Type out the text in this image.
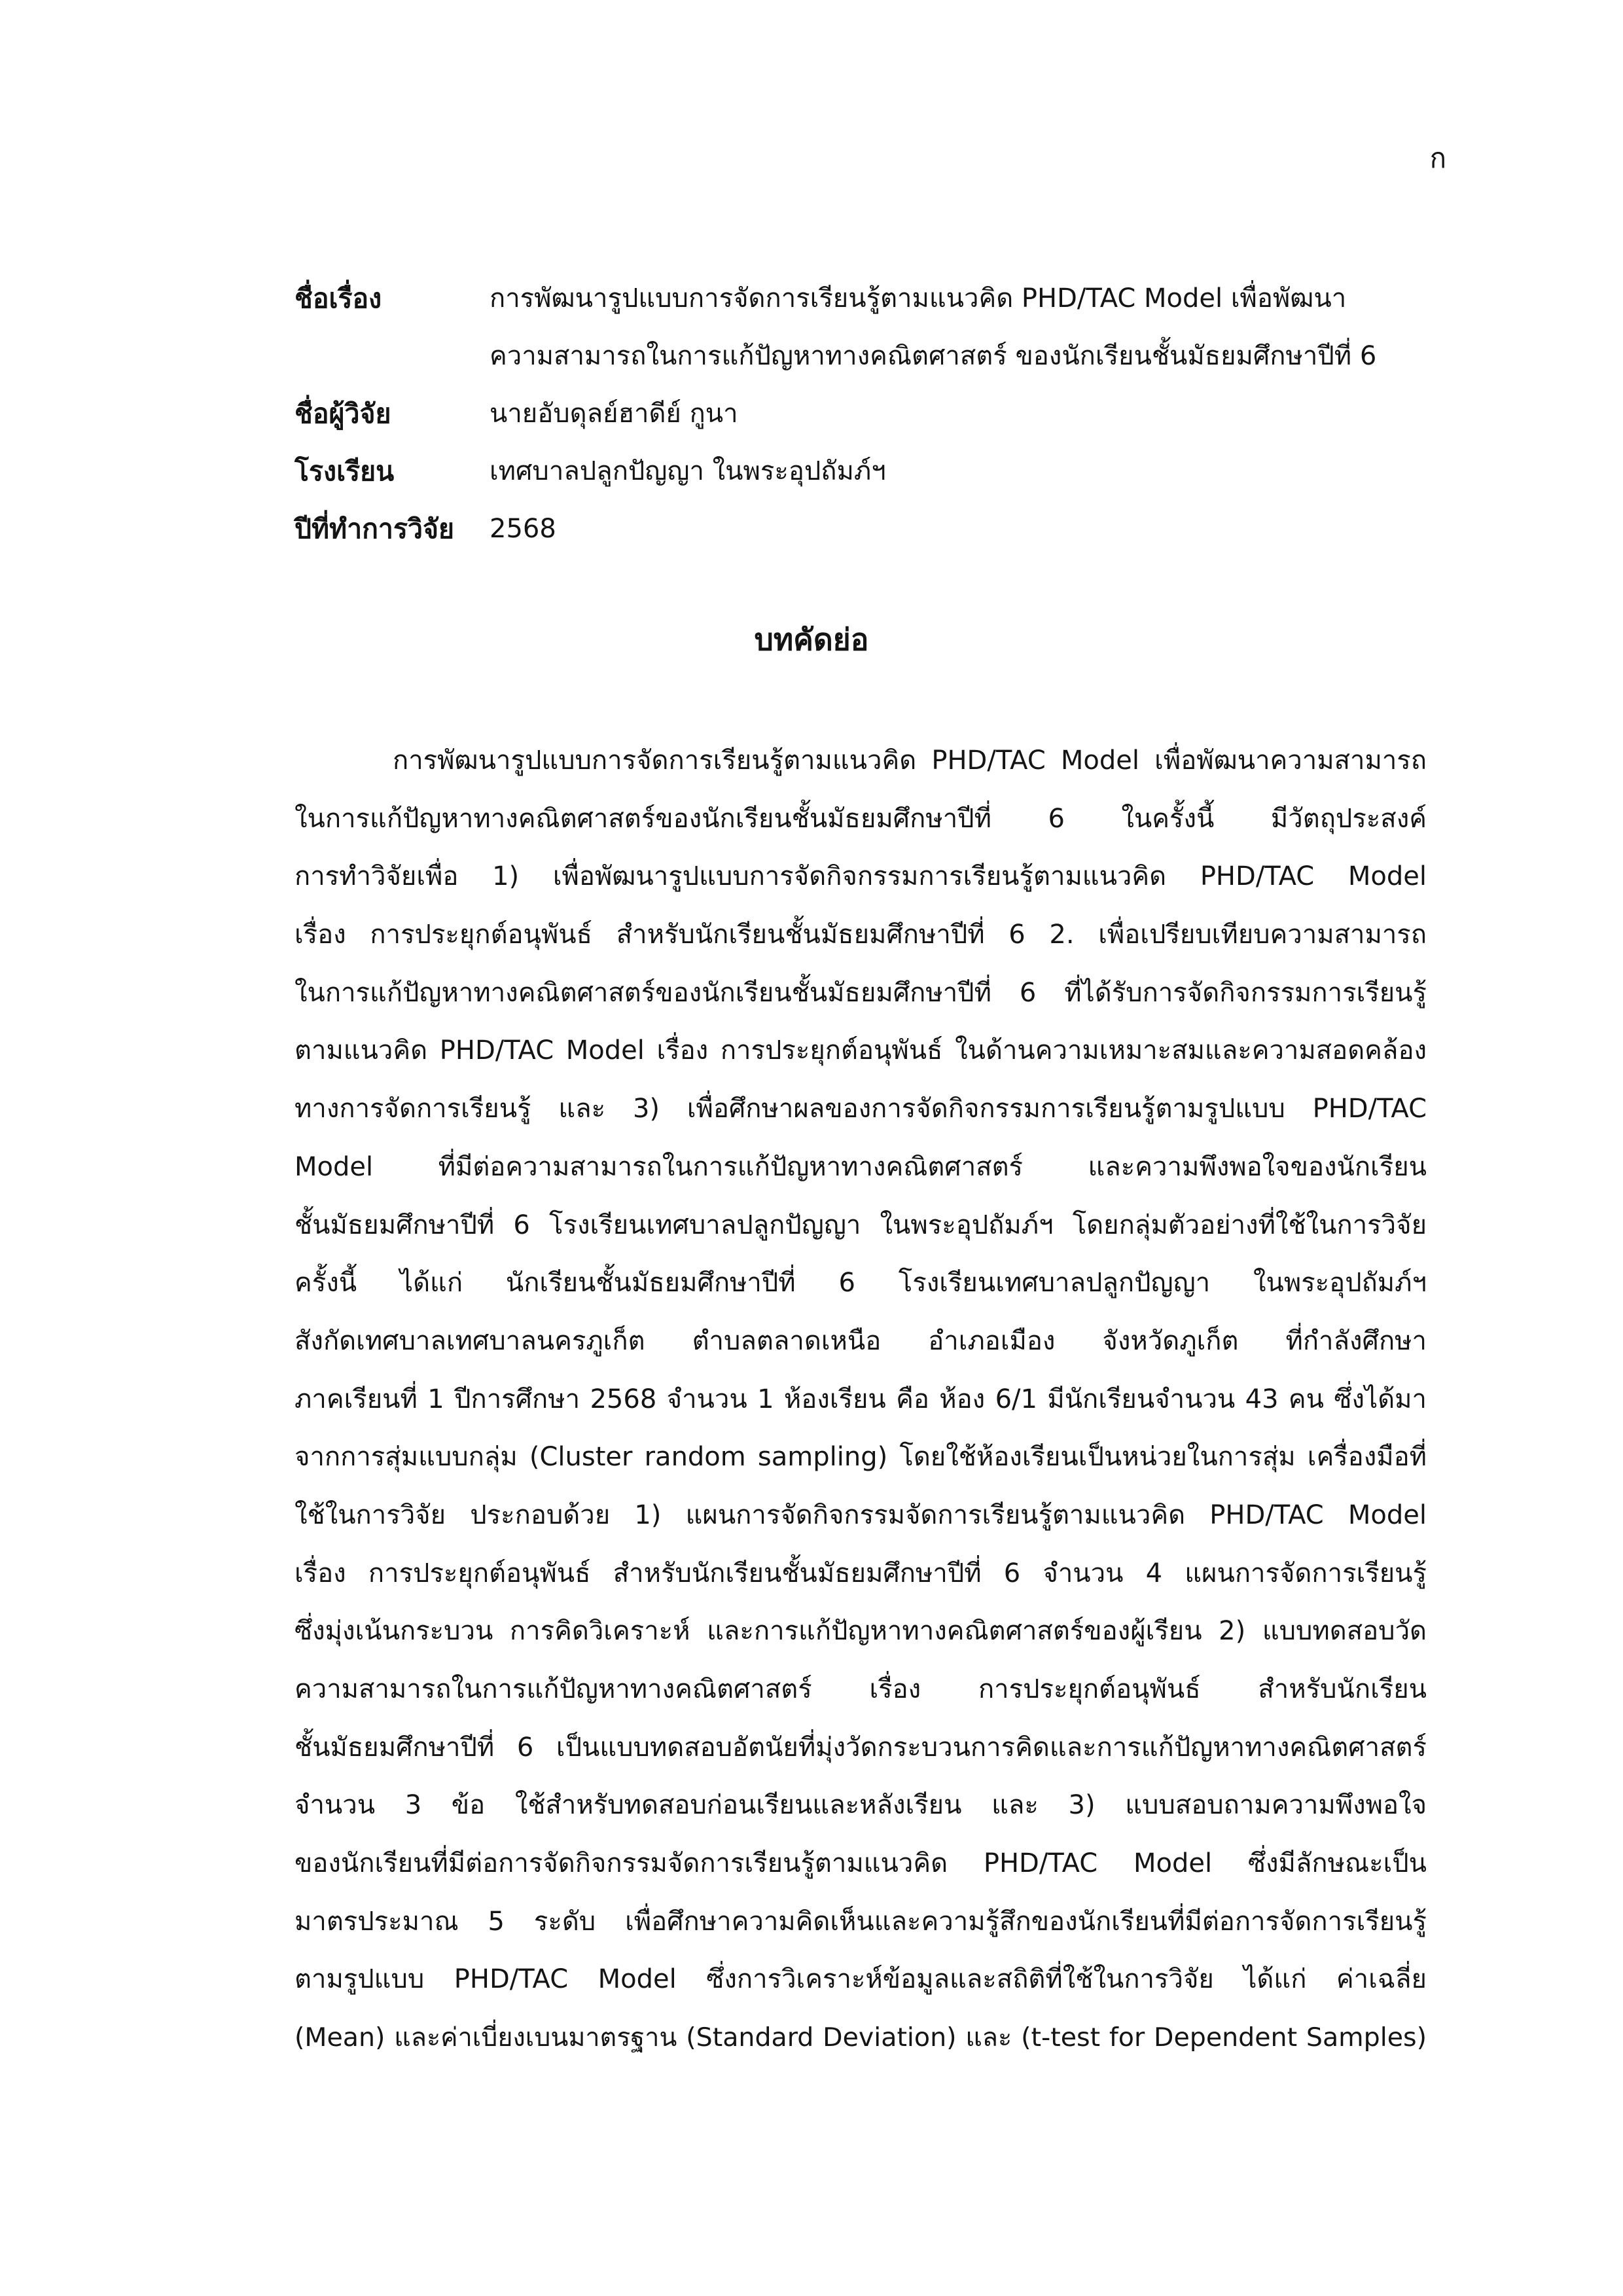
ก
ชื่อเรื่อง	การพัฒนารูปแบบการจัดการเรียนรู้ตามแนวคิด PHD/TAC Model เพื่อพัฒนา
ความสามารถในการแก้ปัญหาทางคณิตศาสตร์ ของนักเรียนชั้นมัธยมศึกษาปีที่ 6
ชื่อผู้วิจัย	นายอับดุลย์ฮาดีย์ กูนา
โรงเรียน	เทศบาลปลูกปัญญา ในพระอุปถัมภ์ฯ
ปีที่ทำการวิจัย	2568
บทคัดย่อ
การพัฒนารูปแบบการจัดการเรียนรู้ตามแนวคิด PHD/TAC Model เพื่อพัฒนาความสามารถ
ในการแก้ปัญหาทางคณิตศาสตร์ของนักเรียนชั้นมัธยมศึกษาปีที่ 6 ในครั้งนี้ มีวัตถุประสงค์
การทำวิจัยเพื่อ 1) เพื่อพัฒนารูปแบบการจัดกิจกรรมการเรียนรู้ตามแนวคิด PHD/TAC Model
เรื่อง การประยุกต์อนุพันธ์ สำหรับนักเรียนชั้นมัธยมศึกษาปีที่ 6 2. เพื่อเปรียบเทียบความสามารถ
ในการแก้ปัญหาทางคณิตศาสตร์ของนักเรียนชั้นมัธยมศึกษาปีที่ 6 ที่ได้รับการจัดกิจกรรมการเรียนรู้
ตามแนวคิด PHD/TAC Model เรื่อง การประยุกต์อนุพันธ์ ในด้านความเหมาะสมและความสอดคล้อง
ทางการจัดการเรียนรู้ และ 3) เพื่อศึกษาผลของการจัดกิจกรรมการเรียนรู้ตามรูปแบบ PHD/TAC
Model ที่มีต่อความสามารถในการแก้ปัญหาทางคณิตศาสตร์ และความพึงพอใจของนักเรียน
ชั้นมัธยมศึกษาปีที่ 6 โรงเรียนเทศบาลปลูกปัญญา ในพระอุปถัมภ์ฯ โดยกลุ่มตัวอย่างที่ใช้ในการวิจัย
ครั้งนี้ ได้แก่ นักเรียนชั้นมัธยมศึกษาปีที่ 6 โรงเรียนเทศบาลปลูกปัญญา ในพระอุปถัมภ์ฯ
สังกัดเทศบาลเทศบาลนครภูเก็ต ตำบลตลาดเหนือ อำเภอเมือง จังหวัดภูเก็ต ที่กำลังศึกษา
ภาคเรียนที่ 1 ปีการศึกษา 2568 จำนวน 1 ห้องเรียน คือ ห้อง 6/1 มีนักเรียนจำนวน 43 คน ซึ่งได้มา
จากการสุ่มแบบกลุ่ม (Cluster random sampling) โดยใช้ห้องเรียนเป็นหน่วยในการสุ่ม เครื่องมือที่
ใช้ในการวิจัย ประกอบด้วย 1) แผนการจัดกิจกรรมจัดการเรียนรู้ตามแนวคิด PHD/TAC Model
เรื่อง การประยุกต์อนุพันธ์ สำหรับนักเรียนชั้นมัธยมศึกษาปีที่ 6 จำนวน 4 แผนการจัดการเรียนรู้
ซึ่งมุ่งเน้นกระบวน การคิดวิเคราะห์ และการแก้ปัญหาทางคณิตศาสตร์ของผู้เรียน 2) แบบทดสอบวัด
ความสามารถในการแก้ปัญหาทางคณิตศาสตร์ เรื่อง การประยุกต์อนุพันธ์ สำหรับนักเรียน
ชั้นมัธยมศึกษาปีที่ 6 เป็นแบบทดสอบอัตนัยที่มุ่งวัดกระบวนการคิดและการแก้ปัญหาทางคณิตศาสตร์
จำนวน 3 ข้อ ใช้สำหรับทดสอบก่อนเรียนและหลังเรียน และ 3) แบบสอบถามความพึงพอใจ
ของนักเรียนที่มีต่อการจัดกิจกรรมจัดการเรียนรู้ตามแนวคิด PHD/TAC Model ซึ่งมีลักษณะเป็น
มาตรประมาณ 5 ระดับ เพื่อศึกษาความคิดเห็นและความรู้สึกของนักเรียนที่มีต่อการจัดการเรียนรู้
ตามรูปแบบ PHD/TAC Model ซึ่งการวิเคราะห์ข้อมูลและสถิติที่ใช้ในการวิจัย ได้แก่ ค่าเฉลี่ย
(Mean) และค่าเบี่ยงเบนมาตรฐาน (Standard Deviation) และ (t-test for Dependent Samples)
